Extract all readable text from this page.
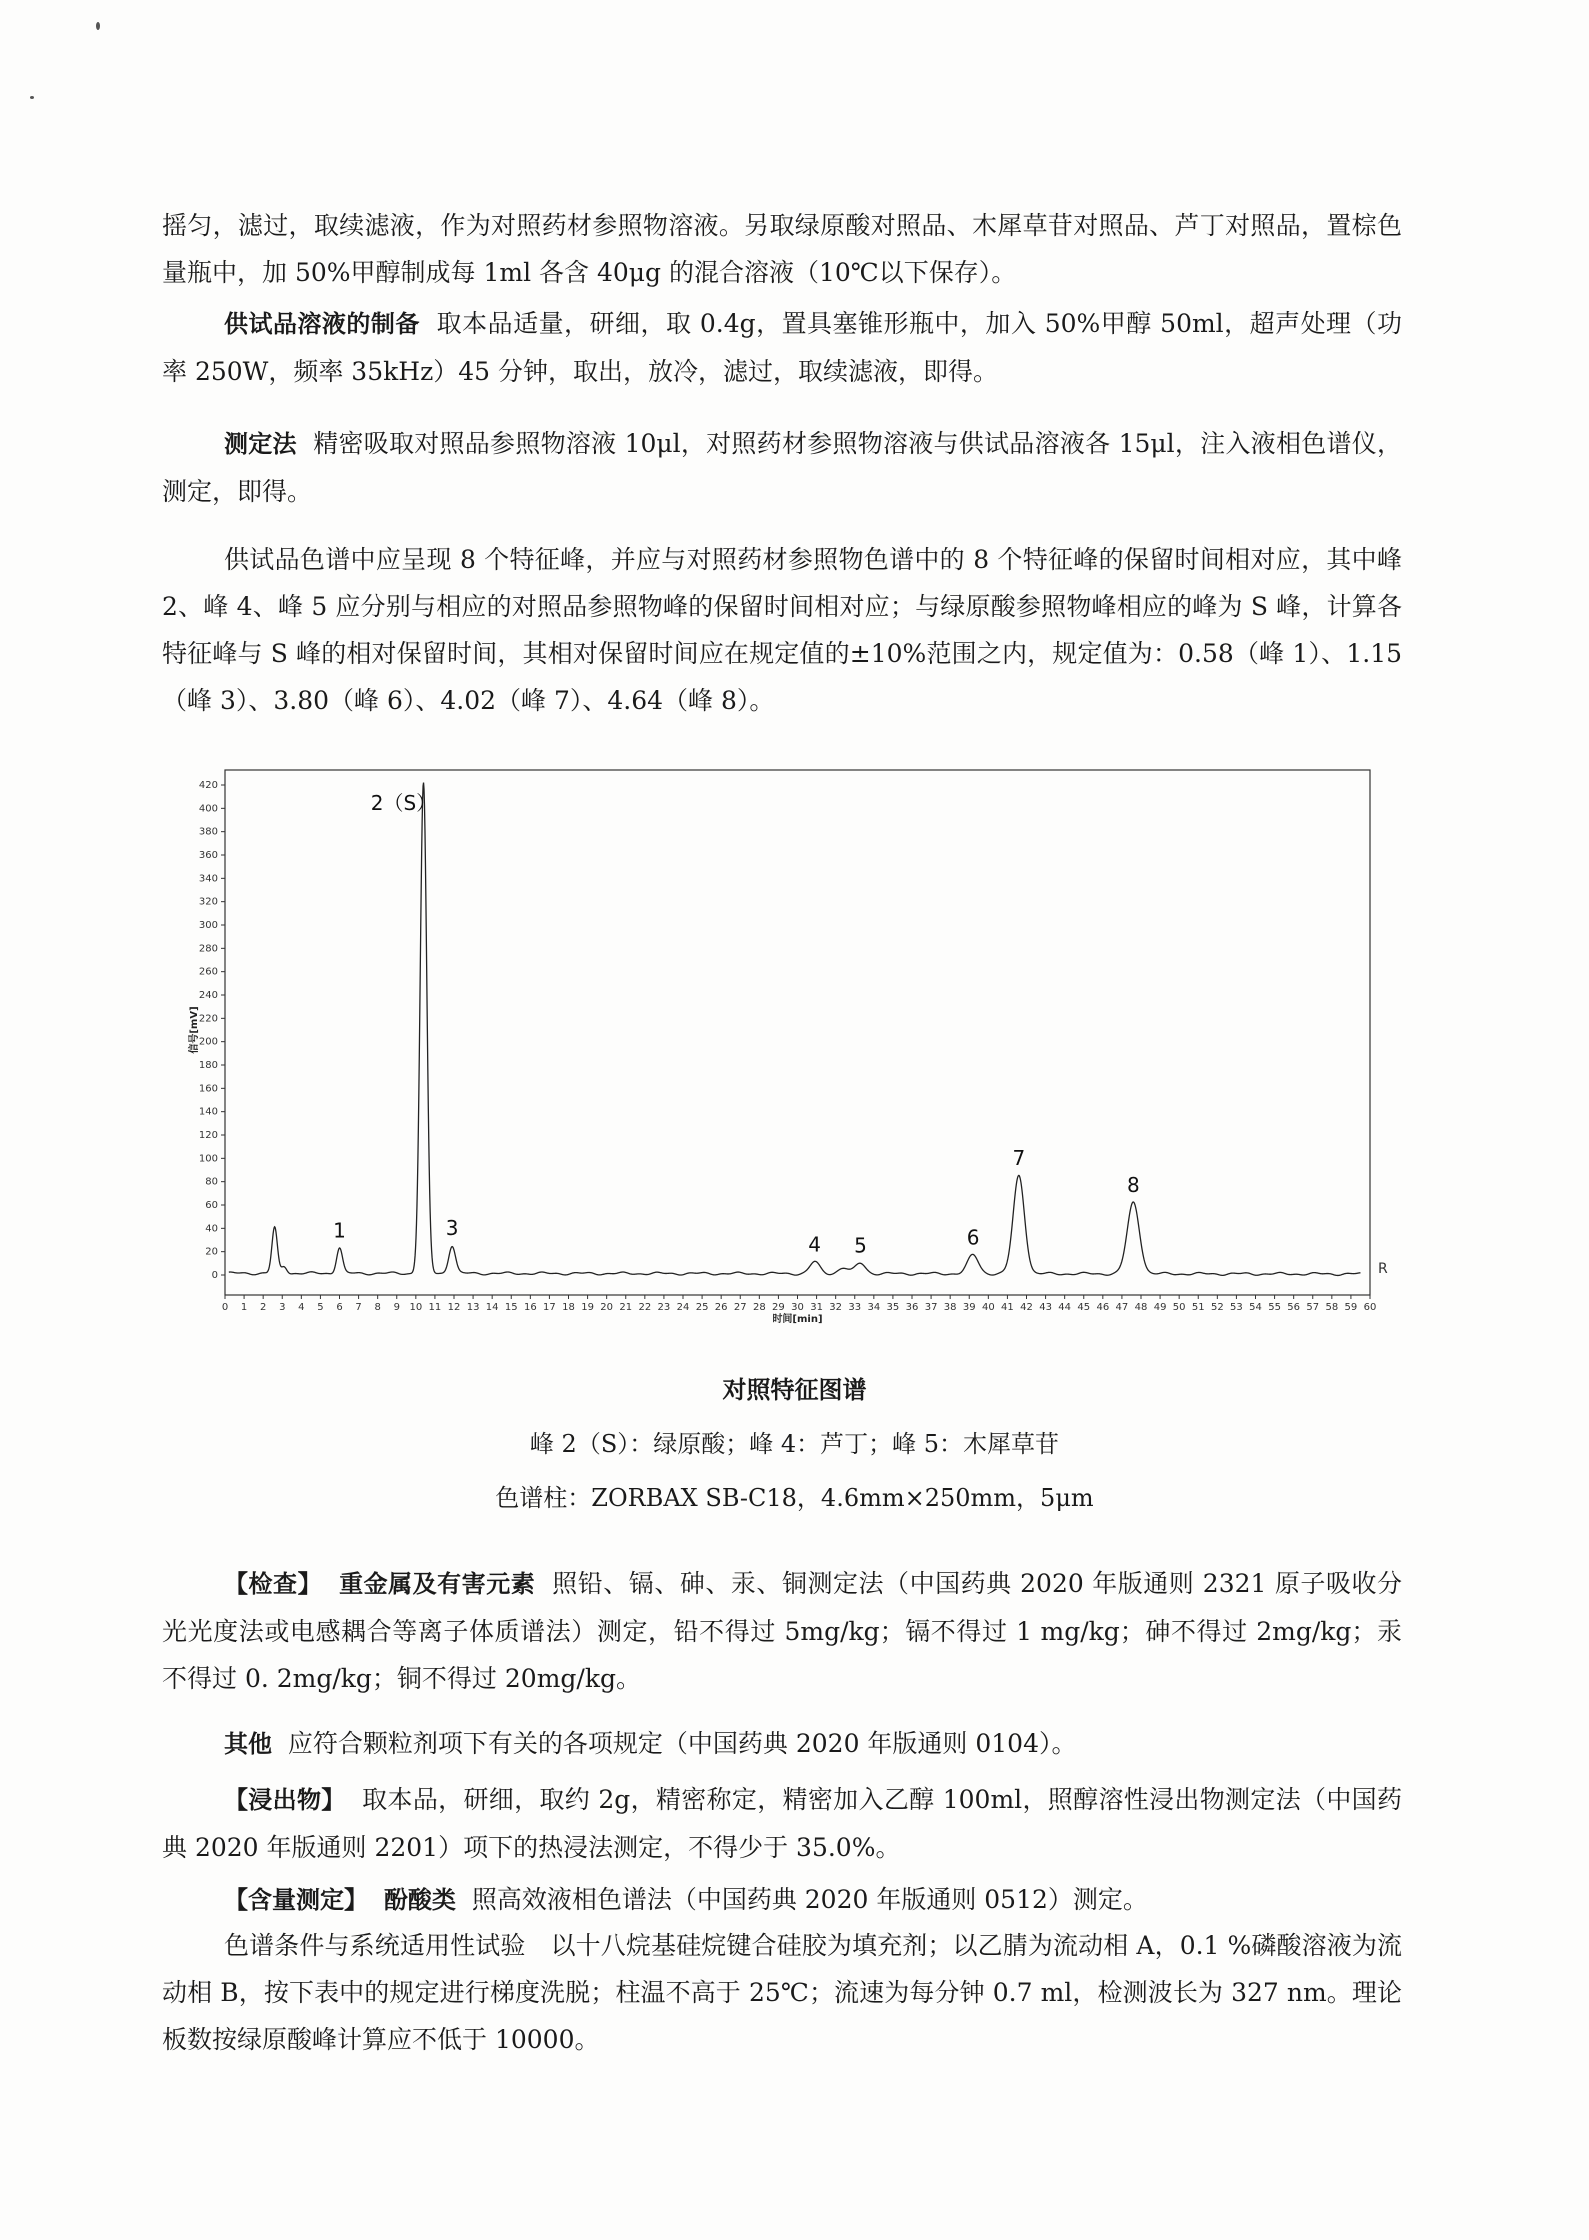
摇匀，滤过，取续滤液，作为对照药材参照物溶液。另取绿原酸对照品、木犀草苷对照品、芦丁对照品，置棕色量瓶中，加 50%甲醇制成每 1ml 各含 40μg 的混合溶液（10℃以下保存）。

供试品溶液的制备 取本品适量，研细，取 0.4g，置具塞锥形瓶中，加入 50%甲醇 50ml，超声处理（功率 250W，频率 35kHz）45 分钟，取出，放冷，滤过，取续滤液，即得。

测定法 精密吸取对照品参照物溶液 10μl，对照药材参照物溶液与供试品溶液各 15μl，注入液相色谱仪，测定，即得。

供试品色谱中应呈现 8 个特征峰，并应与对照药材参照物色谱中的 8 个特征峰的保留时间相对应，其中峰 2、峰 4、峰 5 应分别与相应的对照品参照物峰的保留时间相对应；与绿原酸参照物峰相应的峰为 S 峰，计算各特征峰与 S 峰的相对保留时间，其相对保留时间应在规定值的±10%范围之内，规定值为：0.58（峰 1）、1.15（峰 3）、3.80（峰 6）、4.02（峰 7）、4.64（峰 8）。

0
20
40
60
80
100
120
140
160
180
200
220
240
260
280
300
320
340
360
380
400
420
0 1 2 3 4 5 6 7 8 9 10 11 12 13 14 15 16 17 18 19 20 21 22 23 24 25 26 27 28 29 30 31 32 33 34 35 36 37 38 39 40 41 42 43 44 45 46 47 48 49 50 51 52 53 54 55 56 57 58 59 60
时间[min]
信号[mV]
1
2（S）
3
4 5	6
7
8
R

对照特征图谱

峰 2（S）：绿原酸；峰 4：芦丁；峰 5：木犀草苷

色谱柱：ZORBAX SB-C18，4.6mm×250mm，5μm

【检查】 重金属及有害元素 照铅、镉、砷、汞、铜测定法（中国药典 2020 年版通则 2321 原子吸收分光光度法或电感耦合等离子体质谱法）测定，铅不得过 5mg/kg；镉不得过 1 mg/kg；砷不得过 2mg/kg；汞不得过 0. 2mg/kg；铜不得过 20mg/kg。

其他 应符合颗粒剂项下有关的各项规定（中国药典 2020 年版通则 0104）。

【浸出物】 取本品，研细，取约 2g，精密称定，精密加入乙醇 100ml，照醇溶性浸出物测定法（中国药典 2020 年版通则 2201）项下的热浸法测定，不得少于 35.0%。

【含量测定】 酚酸类 照高效液相色谱法（中国药典 2020 年版通则 0512）测定。

色谱条件与系统适用性试验　以十八烷基硅烷键合硅胶为填充剂；以乙腈为流动相 A，0.1 %磷酸溶液为流动相 B，按下表中的规定进行梯度洗脱；柱温不高于 25℃；流速为每分钟 0.7 ml，检测波长为 327 nm。理论板数按绿原酸峰计算应不低于 10000。
